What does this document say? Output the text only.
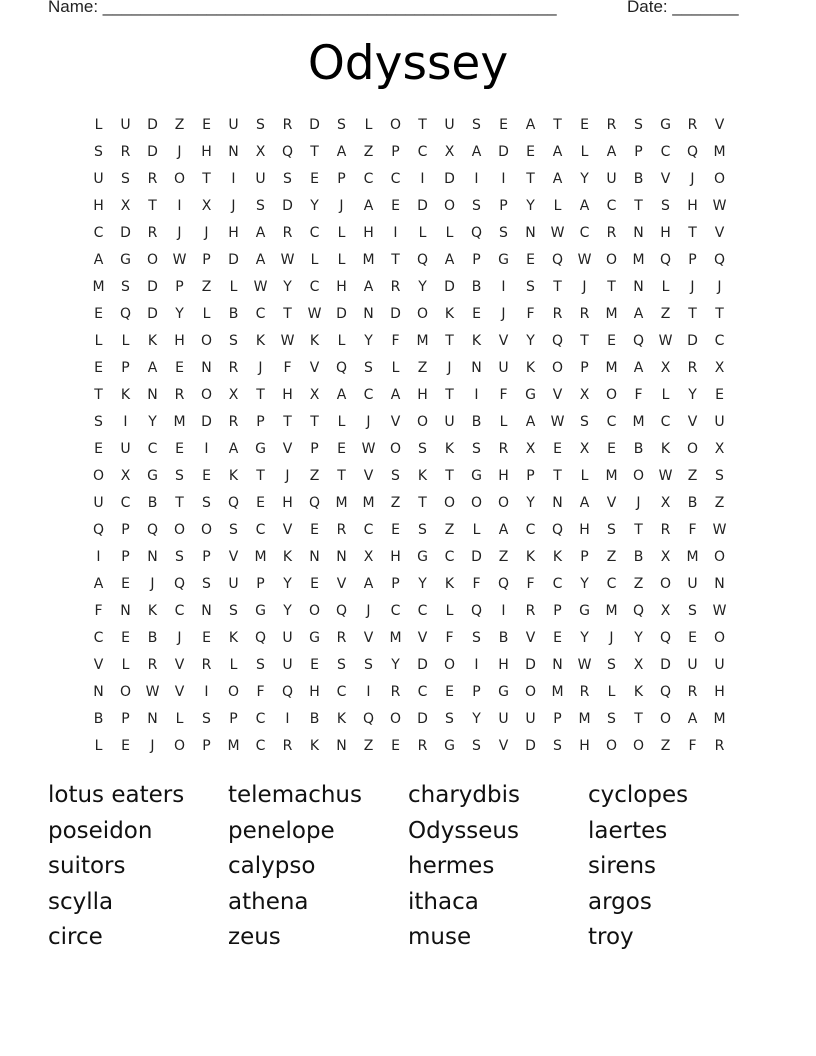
Name: ________________________________________________	Date: _______
Odyssey
L	U	D	Z	E	U	S	R	D	S	L	O	T	U	S	E	A	T	E	R	S	G	R	V
S	R	D	J	H	N	X	Q	T	A	Z	P	C	X	A	D	E	A	L	A	P	C	Q	M
U	S	R	O	T	I	U	S	E	P	C	C	I	D	I	I	T	A	Y	U	B	V	J	O
H	X	T	I	X	J	S	D	Y	J	A	E	D	O	S	P	Y	L	A	C	T	S	H	W
C	D	R	J	J	H	A	R	C	L	H	I	L	L	Q	S	N	W	C	R	N	H	T	V
A	G	O	W	P	D	A	W	L	L	M	T	Q	A	P	G	E	Q	W	O	M	Q	P	Q
M	S	D	P	Z	L	W	Y	C	H	A	R	Y	D	B	I	S	T	J	T	N	L	J	J
E	Q	D	Y	L	B	C	T	W	D	N	D	O	K	E	J	F	R	R	M	A	Z	T	T
L	L	K	H	O	S	K	W	K	L	Y	F	M	T	K	V	Y	Q	T	E	Q	W	D	C
E	P	A	E	N	R	J	F	V	Q	S	L	Z	J	N	U	K	O	P	M	A	X	R	X
T	K	N	R	O	X	T	H	X	A	C	A	H	T	I	F	G	V	X	O	F	L	Y	E
S	I	Y	M	D	R	P	T	T	L	J	V	O	U	B	L	A	W	S	C	M	C	V	U
E	U	C	E	I	A	G	V	P	E	W	O	S	K	S	R	X	E	X	E	B	K	O	X
O	X	G	S	E	K	T	J	Z	T	V	S	K	T	G	H	P	T	L	M	O	W	Z	S
U	C	B	T	S	Q	E	H	Q	M	M	Z	T	O	O	O	Y	N	A	V	J	X	B	Z
Q	P	Q	O	O	S	C	V	E	R	C	E	S	Z	L	A	C	Q	H	S	T	R	F	W
I	P	N	S	P	V	M	K	N	N	X	H	G	C	D	Z	K	K	P	Z	B	X	M	O
A	E	J	Q	S	U	P	Y	E	V	A	P	Y	K	F	Q	F	C	Y	C	Z	O	U	N
F	N	K	C	N	S	G	Y	O	Q	J	C	C	L	Q	I	R	P	G	M	Q	X	S	W
C	E	B	J	E	K	Q	U	G	R	V	M	V	F	S	B	V	E	Y	J	Y	Q	E	O
V	L	R	V	R	L	S	U	E	S	S	Y	D	O	I	H	D	N	W	S	X	D	U	U
N	O	W	V	I	O	F	Q	H	C	I	R	C	E	P	G	O	M	R	L	K	Q	R	H
B	P	N	L	S	P	C	I	B	K	Q	O	D	S	Y	U	U	P	M	S	T	O	A	M
L	E	J	O	P	M	C	R	K	N	Z	E	R	G	S	V	D	S	H	O	O	Z	F	R
lotus eaters	telemachus	charydbis	cyclopes
poseidon	penelope	Odysseus	laertes
suitors	calypso	hermes	sirens
scylla	athena	ithaca	argos
circe	zeus	muse	troy
